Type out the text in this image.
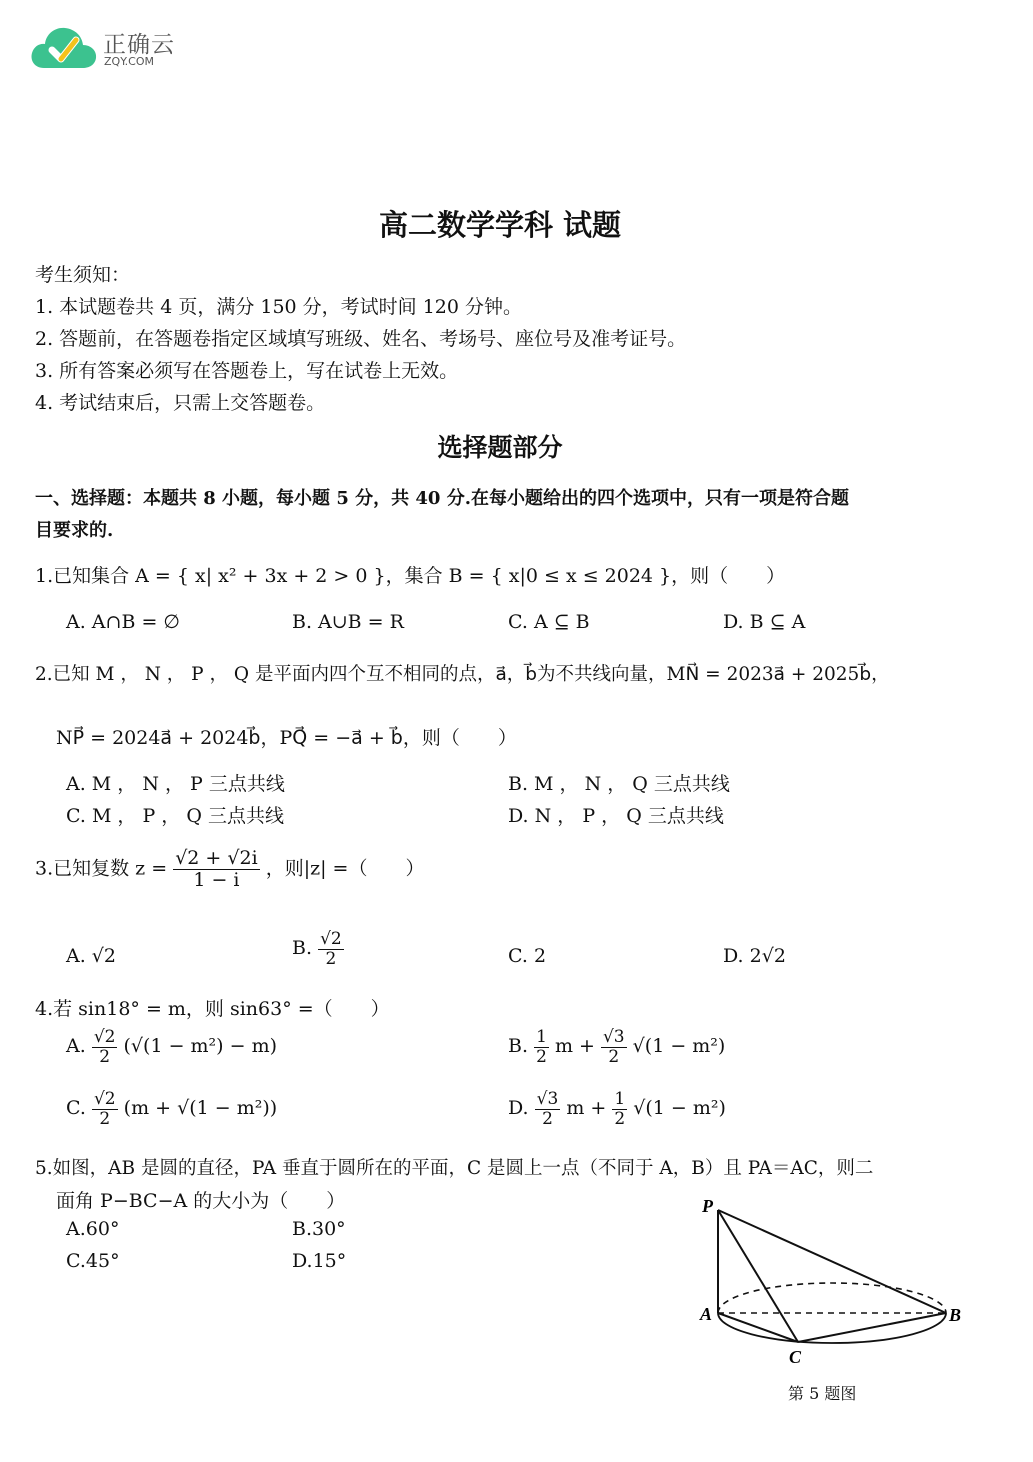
正确云
ZQY.COM
高二数学学科 试题
考生须知：
1. 本试题卷共 4 页，满分 150 分，考试时间 120 分钟。
2. 答题前，在答题卷指定区域填写班级、姓名、考场号、座位号及准考证号。
3. 所有答案必须写在答题卷上，写在试卷上无效。
4. 考试结束后，只需上交答题卷。
选择题部分
一、选择题：本题共 8 小题，每小题 5 分，共 40 分.在每小题给出的四个选项中，只有一项是符合题
目要求的.
1.已知集合 A = { x| x² + 3x + 2 > 0 }，集合 B = { x|0 ≤ x ≤ 2024 }，则（　　）
A. A∩B = ∅	B. A∪B = R	C. A ⊆ B	D. B ⊆ A
2.已知 M ， N ， P ， Q 是平面内四个互不相同的点，a⃗，b⃗为不共线向量，MN⃗ = 2023a⃗ + 2025b⃗，
NP⃗ = 2024a⃗ + 2024b⃗，PQ⃗ = −a⃗ + b⃗，则（　　）
A. M ， N ， P 三点共线	B. M ， N ， Q 三点共线
C. M ， P ， Q 三点共线	D. N ， P ， Q 三点共线
3.已知复数 $z = \frac{√2 + √2i}{1 - i}$ ，则|z| =（　　）
A. √2	B. $\frac{√2}{2}$	C. 2	D. 2√2
4.若 sin18° = m，则 sin63° =（　　）
A. $\frac{√2}{2} (√(1 - m^2) - m)$	B. $\frac{1}{2}$ $m + \frac{√3}{2} √(1 - m^2)$
C. $\frac{√2}{2} (m + √(1 - m^2))$	D. $\frac{√3}{2}$ $m + \frac{1}{2} √(1 - m^2)$
5.如图，AB 是圆的直径，PA 垂直于圆所在的平面，C 是圆上一点（不同于 A，B）且 PA＝AC，则二
面角 P−BC−A 的大小为（　　）
A.60°	B.30°
C.45°	D.15°
P
A	B
C
第 5 题图
